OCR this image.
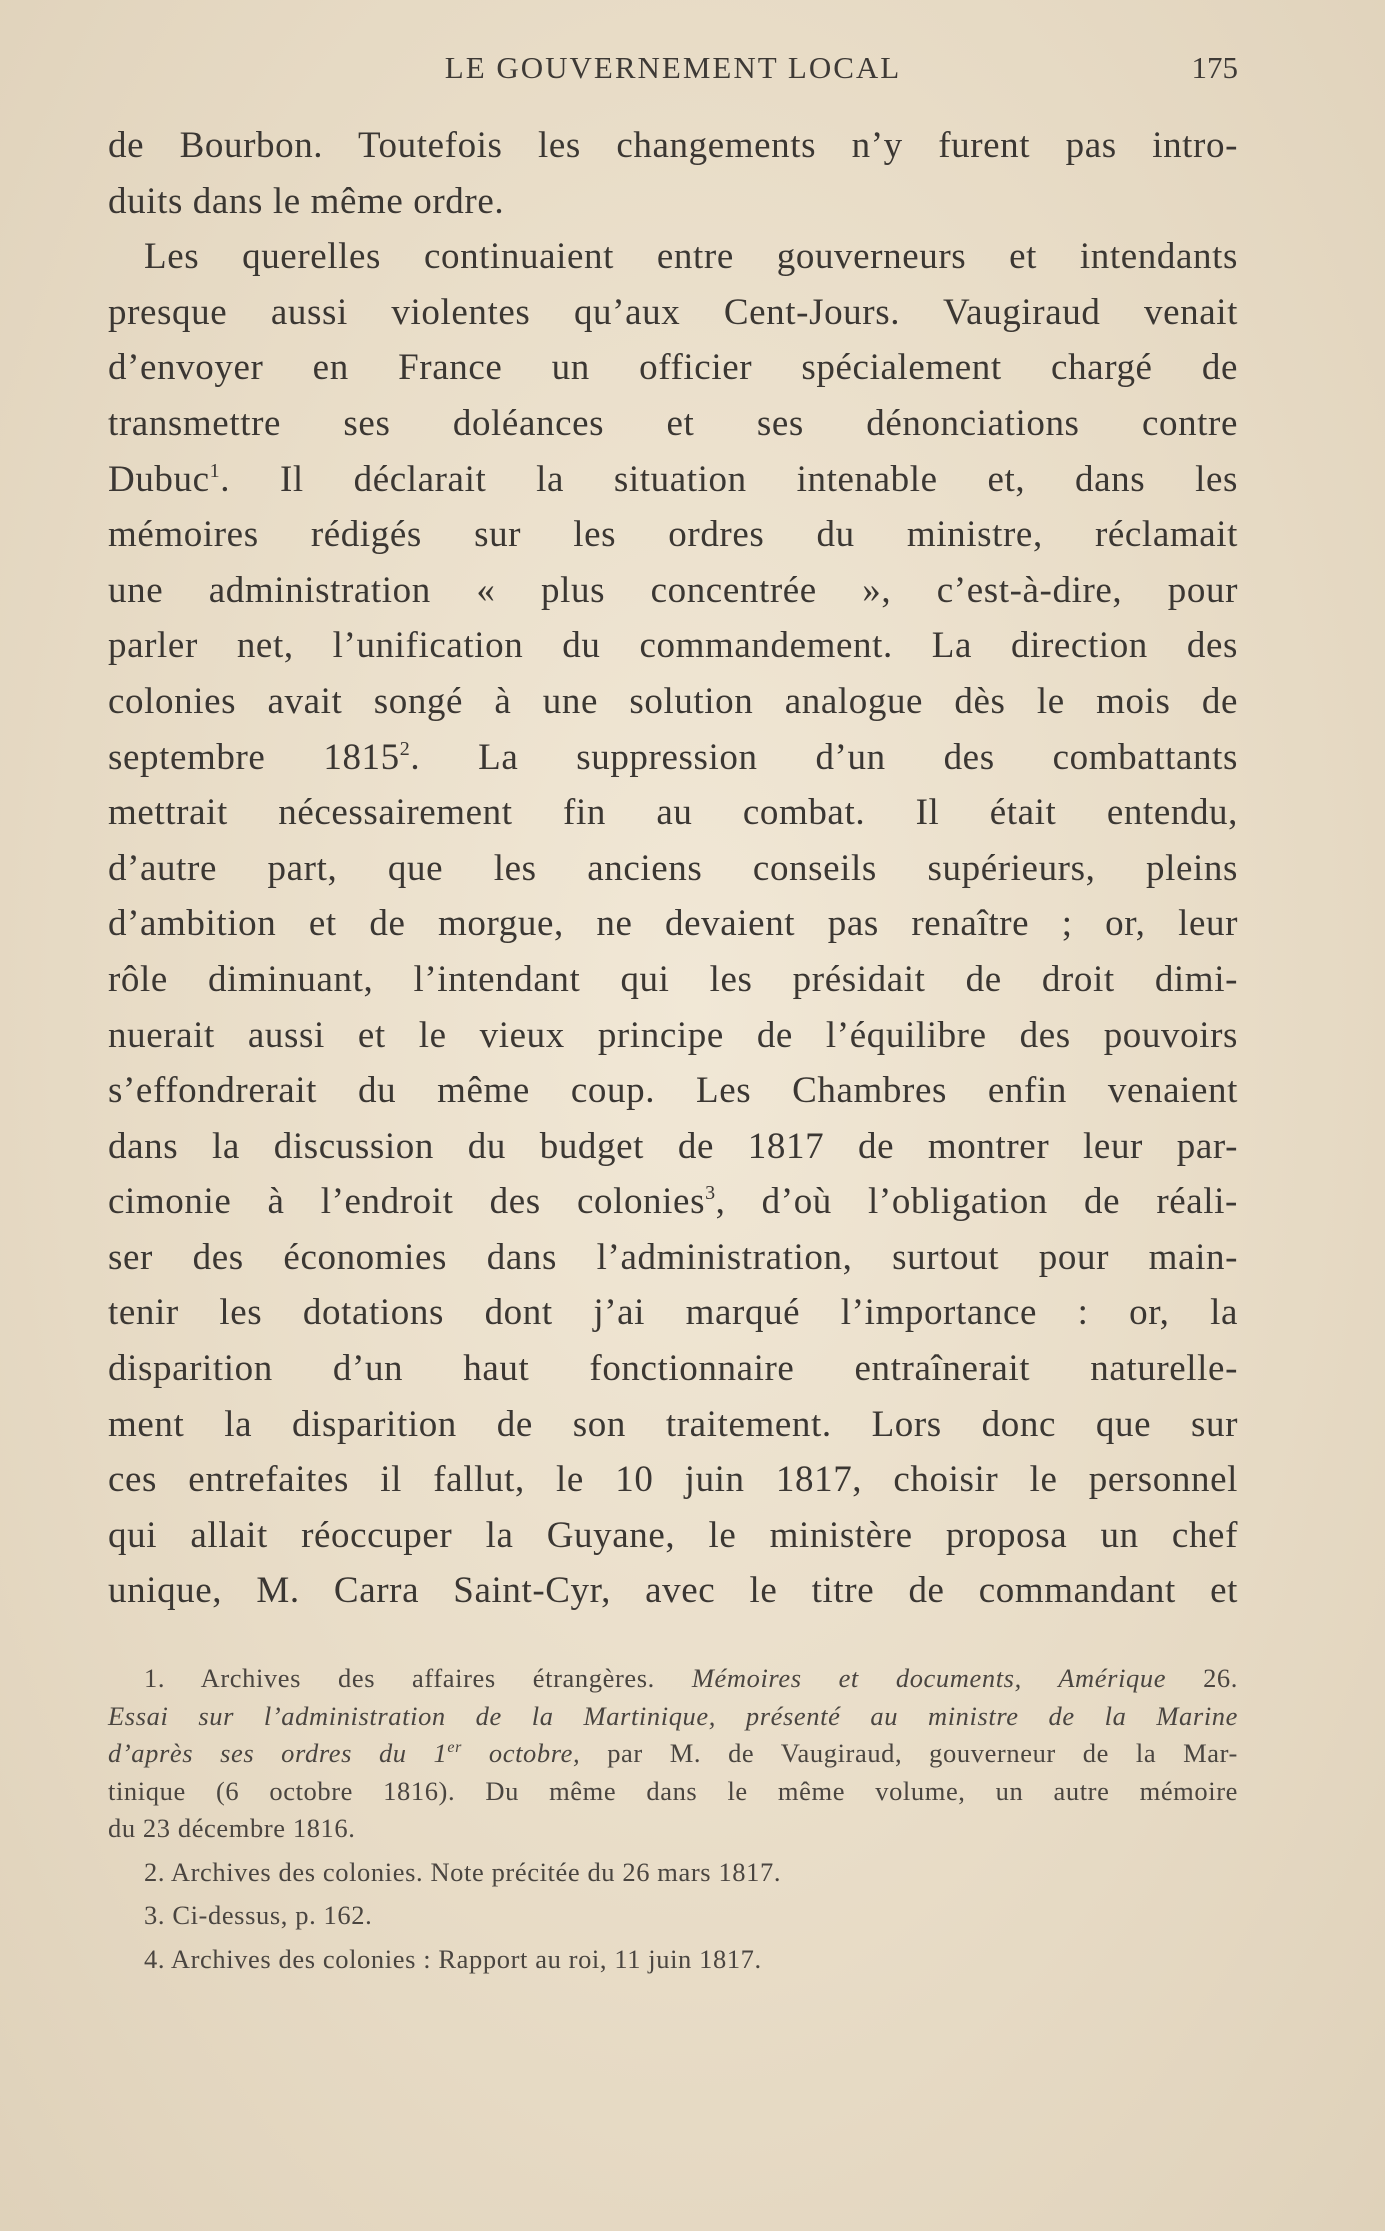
LE GOUVERNEMENT LOCAL	175
de Bourbon. Toutefois les changements n’y furent pas intro-
duits dans le même ordre.
Les querelles continuaient entre gouverneurs et intendants
presque aussi violentes qu’aux Cent-Jours. Vaugiraud venait
d’envoyer en France un officier spécialement chargé de
transmettre ses doléances et ses dénonciations contre
Dubuc$^1$. Il déclarait la situation intenable et, dans les
mémoires rédigés sur les ordres du ministre, réclamait
une administration « plus concentrée », c’est-à-dire, pour
parler net, l’unification du commandement. La direction des
colonies avait songé à une solution analogue dès le mois de
septembre 1815$^2$. La suppression d’un des combattants
mettrait nécessairement fin au combat. Il était entendu,
d’autre part, que les anciens conseils supérieurs, pleins
d’ambition et de morgue, ne devaient pas renaître ; or, leur
rôle diminuant, l’intendant qui les présidait de droit dimi-
nuerait aussi et le vieux principe de l’équilibre des pouvoirs
s’effondrerait du même coup. Les Chambres enfin venaient
dans la discussion du budget de 1817 de montrer leur par-
cimonie à l’endroit des colonies$^3$, d’où l’obligation de réali-
ser des économies dans l’administration, surtout pour main-
tenir les dotations dont j’ai marqué l’importance : or, la
disparition d’un haut fonctionnaire entraînerait naturelle-
ment la disparition de son traitement. Lors donc que sur
ces entrefaites il fallut, le 10 juin 1817, choisir le personnel
qui allait réoccuper la Guyane, le ministère proposa un chef
unique, M. Carra Saint-Cyr, avec le titre de commandant et
1. Archives des affaires étrangères. Mémoires et documents, Amérique 26.
Essai sur l’administration de la Martinique, présenté au ministre de la Marine
d’après ses ordres du 1er octobre, par M. de Vaugiraud, gouverneur de la Mar-
tinique (6 octobre 1816). Du même dans le même volume, un autre mémoire
du 23 décembre 1816.
2. Archives des colonies. Note précitée du 26 mars 1817.
3. Ci-dessus, p. 162.
4. Archives des colonies : Rapport au roi, 11 juin 1817.
